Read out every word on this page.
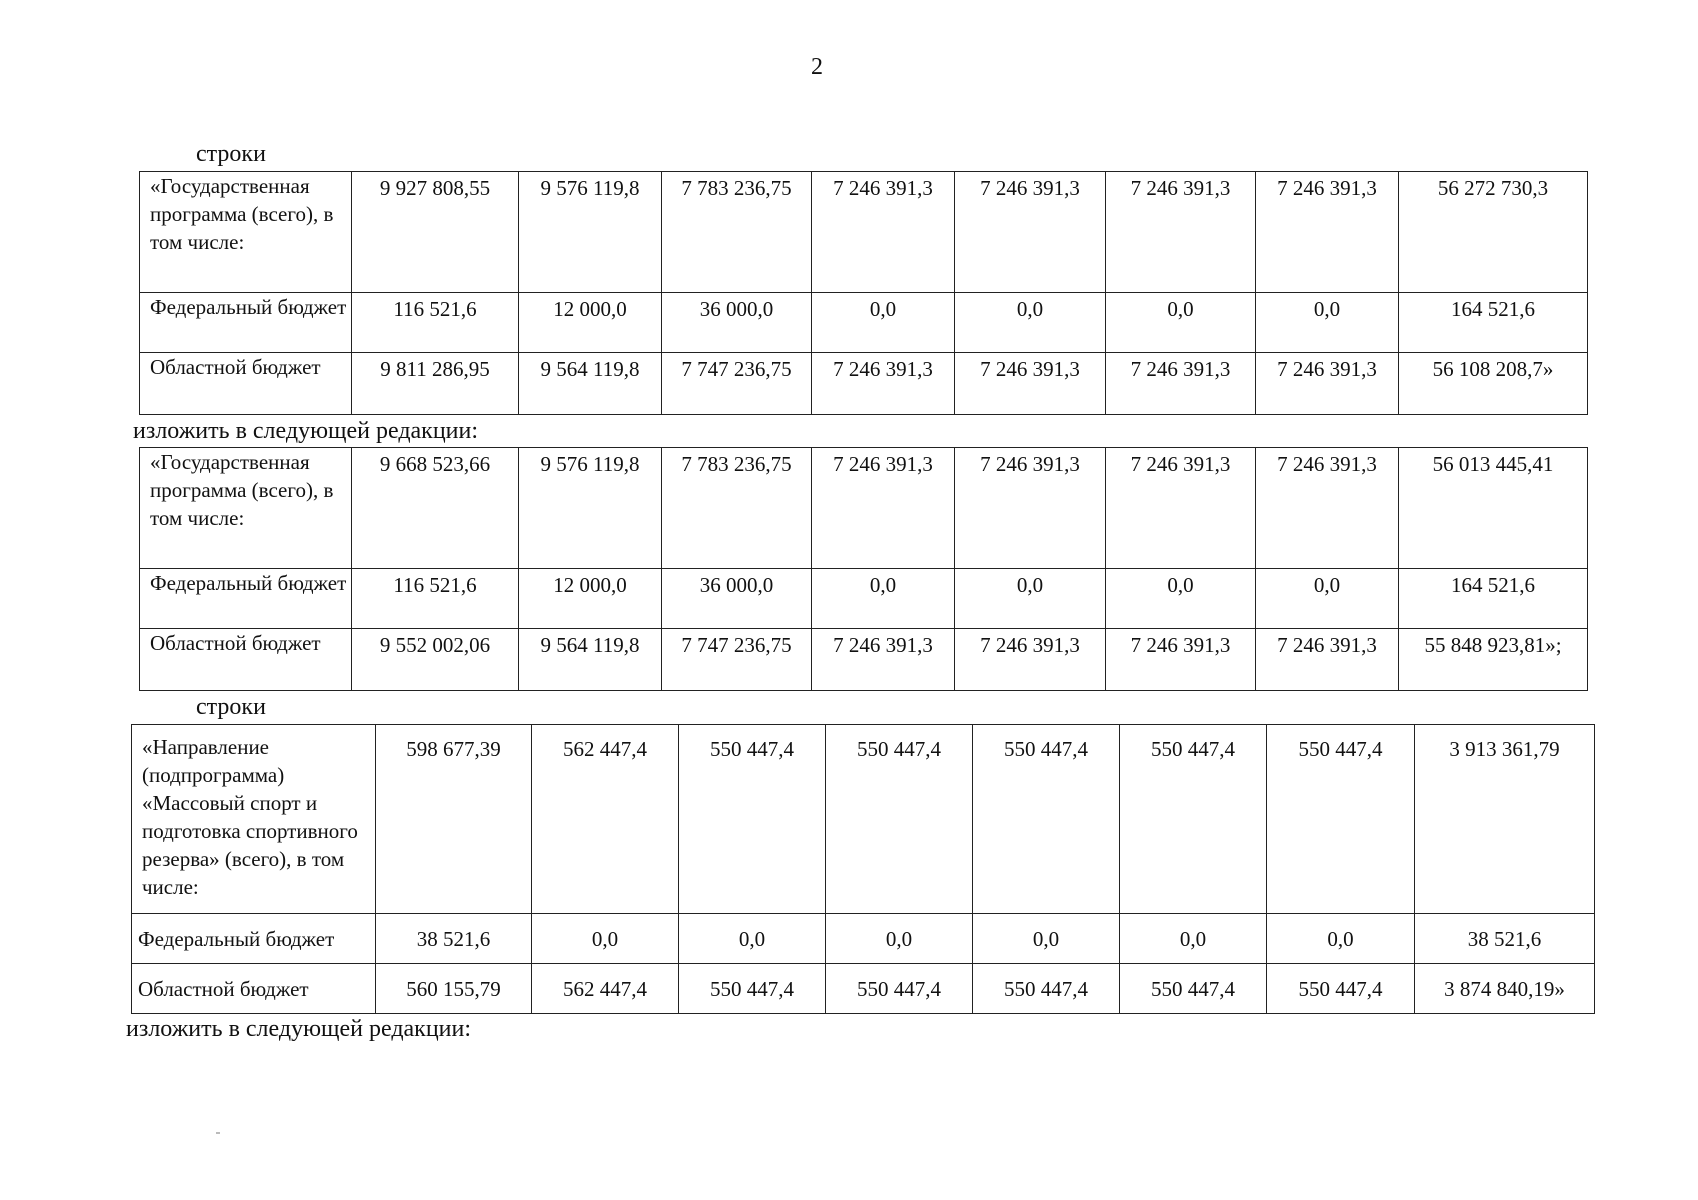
2
строки
«Государственная программа (всего), в том числе:	9 927 808,55	9 576 119,8	7 783 236,75	7 246 391,3	7 246 391,3	7 246 391,3	7 246 391,3	56 272 730,3
Федеральный бюджет	116 521,6	12 000,0	36 000,0	0,0	0,0	0,0	0,0	164 521,6
Областной бюджет	9 811 286,95	9 564 119,8	7 747 236,75	7 246 391,3	7 246 391,3	7 246 391,3	7 246 391,3	56 108 208,7»
изложить в следующей редакции:
«Государственная программа (всего), в том числе:	9 668 523,66	9 576 119,8	7 783 236,75	7 246 391,3	7 246 391,3	7 246 391,3	7 246 391,3	56 013 445,41
Федеральный бюджет	116 521,6	12 000,0	36 000,0	0,0	0,0	0,0	0,0	164 521,6
Областной бюджет	9 552 002,06	9 564 119,8	7 747 236,75	7 246 391,3	7 246 391,3	7 246 391,3	7 246 391,3	55 848 923,81»;
строки
«Направление (подпрограмма) «Массовый спорт и подготовка спортивного резерва» (всего), в том числе:	598 677,39	562 447,4	550 447,4	550 447,4	550 447,4	550 447,4	550 447,4	3 913 361,79
Федеральный бюджет	38 521,6	0,0	0,0	0,0	0,0	0,0	0,0	38 521,6
Областной бюджет	560 155,79	562 447,4	550 447,4	550 447,4	550 447,4	550 447,4	550 447,4	3 874 840,19»
изложить в следующей редакции:
